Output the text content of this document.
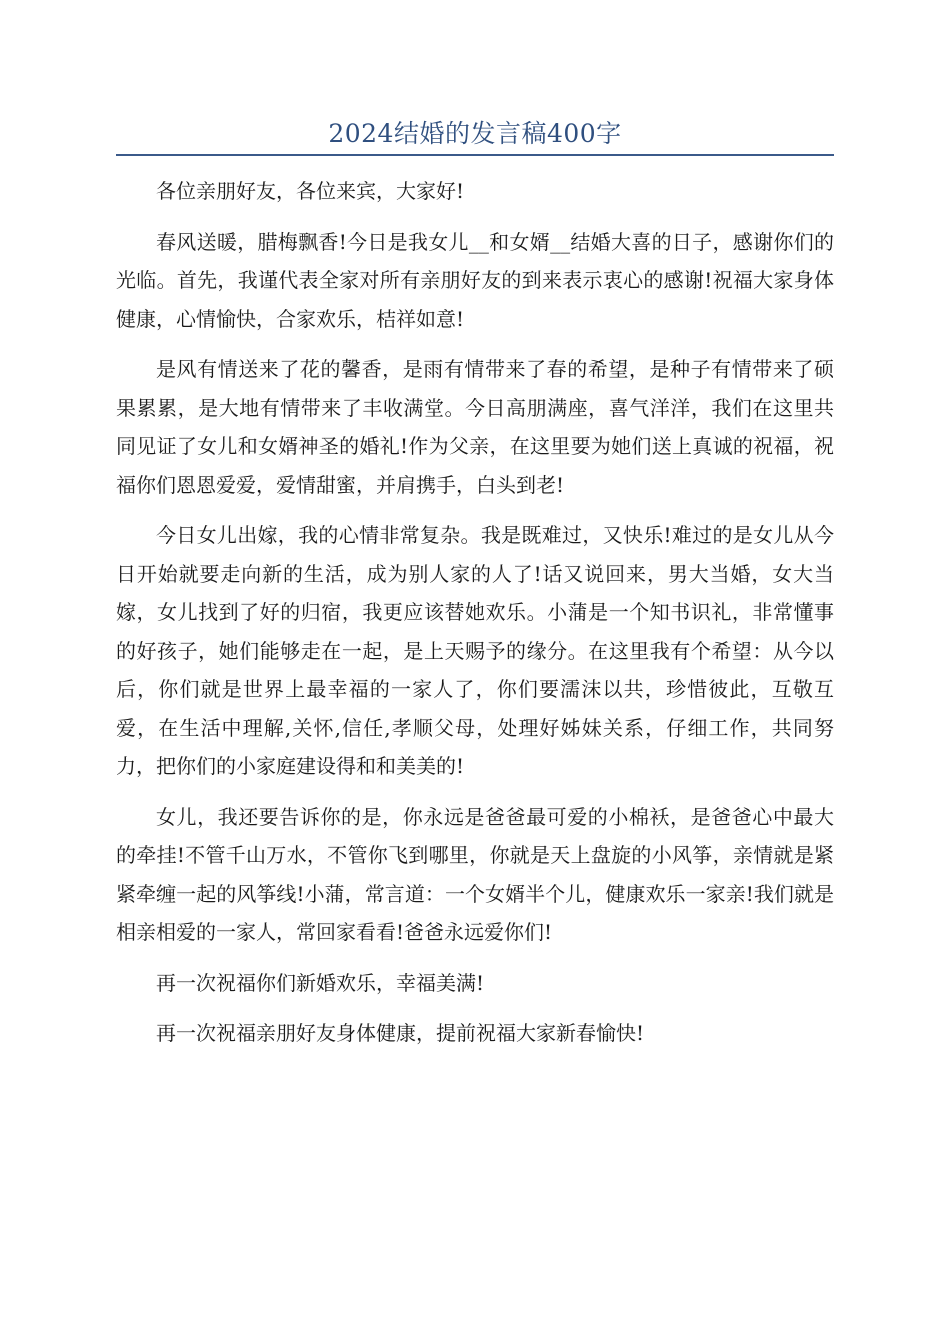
2024结婚的发言稿400字

各位亲朋好友，各位来宾，大家好!

春风送暖，腊梅飘香!今日是我女儿__和女婿__结婚大喜的日子，感谢你们的光临。首先，我谨代表全家对所有亲朋好友的到来表示衷心的感谢!祝福大家身体健康，心情愉快，合家欢乐，桔祥如意!

是风有情送来了花的馨香，是雨有情带来了春的希望，是种子有情带来了硕果累累，是大地有情带来了丰收满堂。今日高朋满座，喜气洋洋，我们在这里共同见证了女儿和女婿神圣的婚礼!作为父亲，在这里要为她们送上真诚的祝福，祝福你们恩恩爱爱，爱情甜蜜，并肩携手，白头到老!

今日女儿出嫁，我的心情非常复杂。我是既难过，又快乐!难过的是女儿从今日开始就要走向新的生活，成为别人家的人了!话又说回来，男大当婚，女大当嫁，女儿找到了好的归宿，我更应该替她欢乐。小蒲是一个知书识礼，非常懂事的好孩子，她们能够走在一起，是上天赐予的缘分。在这里我有个希望：从今以后，你们就是世界上最幸福的一家人了，你们要濡沫以共，珍惜彼此，互敬互爱，在生活中理解,关怀,信任,孝顺父母，处理好姊妹关系，仔细工作，共同努力，把你们的小家庭建设得和和美美的!

女儿，我还要告诉你的是，你永远是爸爸最可爱的小棉袄，是爸爸心中最大的牵挂!不管千山万水，不管你飞到哪里，你就是天上盘旋的小风筝，亲情就是紧紧牵缠一起的风筝线!小蒲，常言道：一个女婿半个儿，健康欢乐一家亲!我们就是相亲相爱的一家人，常回家看看!爸爸永远爱你们!

再一次祝福你们新婚欢乐，幸福美满!

再一次祝福亲朋好友身体健康，提前祝福大家新春愉快!
